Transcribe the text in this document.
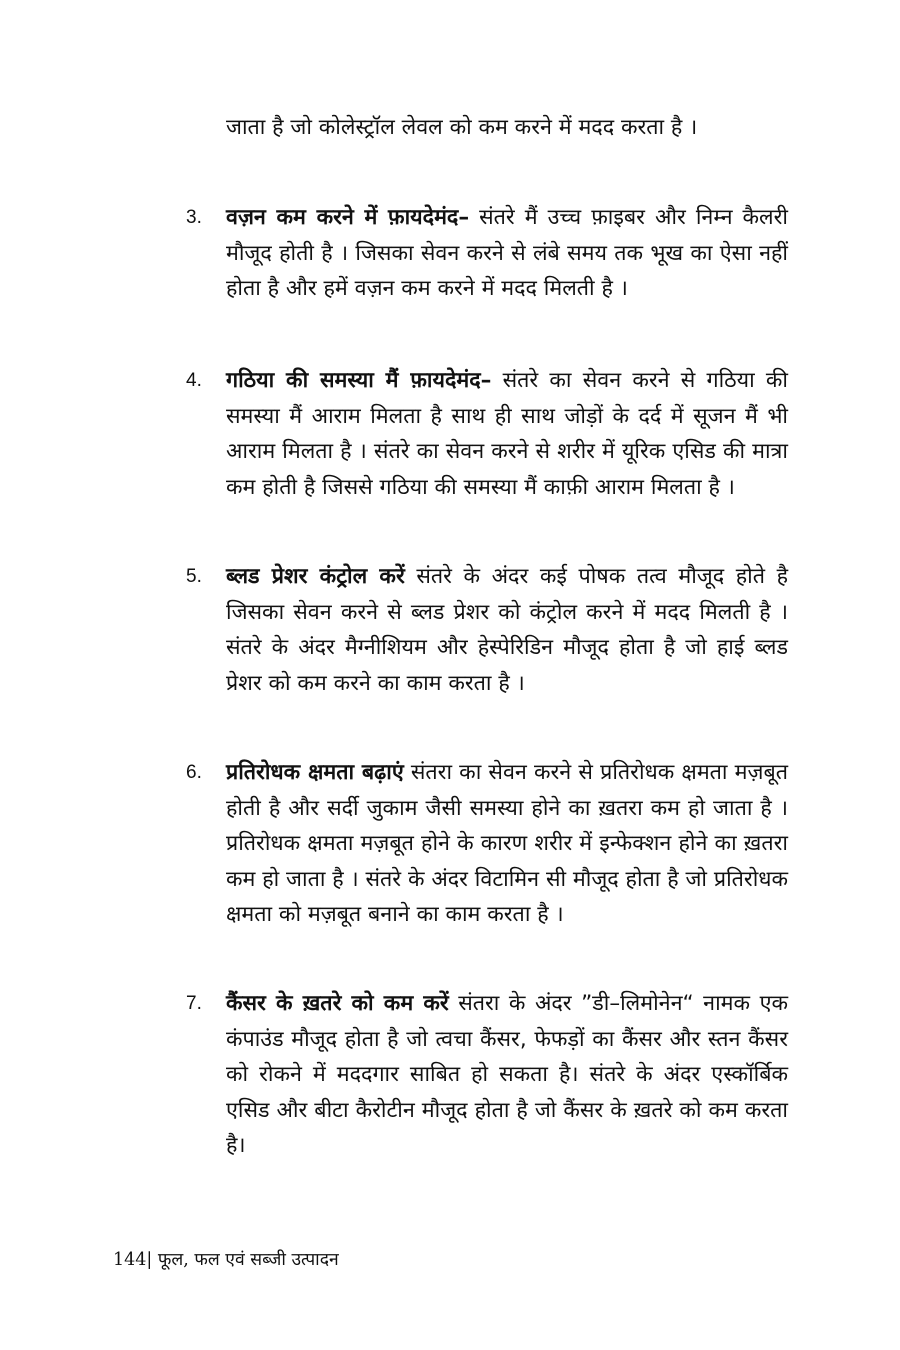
जाता है जो कोलेस्ट्रॉल लेवल को कम करने में मदद करता है ।

3.	वज़न कम करने में फ़ायदेमंद– संतरे मैं उच्च फ़ाइबर और निम्न कैलरी मौजूद होती है । जिसका सेवन करने से लंबे समय तक भूख का ऐसा नहीं होता है और हमें वज़न कम करने में मदद मिलती है ।
4.	गठिया की समस्या मैं फ़ायदेमंद– संतरे का सेवन करने से गठिया की समस्या मैं आराम मिलता है साथ ही साथ जोड़ों के दर्द में सूजन मैं भी आराम मिलता है । संतरे का सेवन करने से शरीर में यूरिक एसिड की मात्रा कम होती है जिससे गठिया की समस्या मैं काफ़ी आराम मिलता है ।
5.	ब्लड प्रेशर कंट्रोल करें संतरे के अंदर कई पोषक तत्व मौजूद होते है जिसका सेवन करने से ब्लड प्रेशर को कंट्रोल करने में मदद मिलती है । संतरे के अंदर मैग्नीशियम और हेस्पेरिडिन मौजूद होता है जो हाई ब्लड प्रेशर को कम करने का काम करता है ।
6.	प्रतिरोधक क्षमता बढ़ाएं संतरा का सेवन करने से प्रतिरोधक क्षमता मज़बूत होती है और सर्दी जुकाम जैसी समस्या होने का ख़तरा कम हो जाता है । प्रतिरोधक क्षमता मज़बूत होने के कारण शरीर में इन्फेक्शन होने का ख़तरा कम हो जाता है । संतरे के अंदर विटामिन सी मौजूद होता है जो प्रतिरोधक क्षमता को मज़बूत बनाने का काम करता है ।
7.	कैंसर के ख़तरे को कम करें संतरा के अंदर ”डी–लिमोनेन“ नामक एक कंपाउंड मौजूद होता है जो त्वचा कैंसर, फेफड़ों का कैंसर और स्तन कैंसर को रोकने में मददगार साबित हो सकता है। संतरे के अंदर एस्कॉर्बिक एसिड और बीटा कैरोटीन मौजूद होता है जो कैंसर के ख़तरे को कम करता है।
144| फूल, फल एवं सब्जी उत्पादन
